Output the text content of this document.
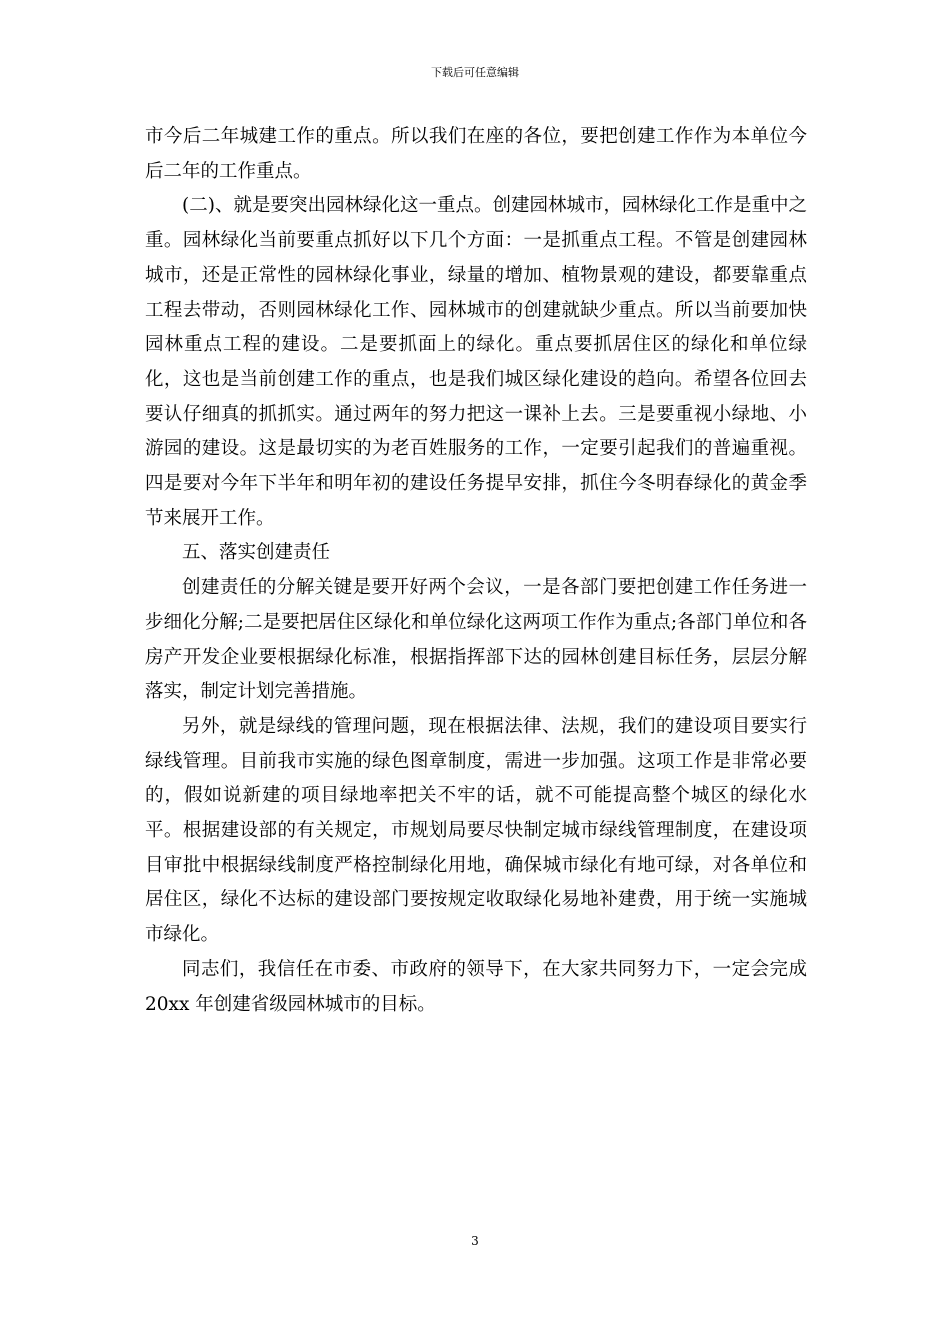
下载后可任意编辑

市今后二年城建工作的重点。所以我们在座的各位，要把创建工作作为本单位今后二年的工作重点。

(二)、就是要突出园林绿化这一重点。创建园林城市，园林绿化工作是重中之重。园林绿化当前要重点抓好以下几个方面：一是抓重点工程。不管是创建园林城市，还是正常性的园林绿化事业，绿量的增加、植物景观的建设，都要靠重点工程去带动，否则园林绿化工作、园林城市的创建就缺少重点。所以当前要加快园林重点工程的建设。二是要抓面上的绿化。重点要抓居住区的绿化和单位绿化，这也是当前创建工作的重点，也是我们城区绿化建设的趋向。希望各位回去要认仔细真的抓抓实。通过两年的努力把这一课补上去。三是要重视小绿地、小游园的建设。这是最切实的为老百姓服务的工作，一定要引起我们的普遍重视。四是要对今年下半年和明年初的建设任务提早安排，抓住今冬明春绿化的黄金季节来展开工作。

五、落实创建责任

创建责任的分解关键是要开好两个会议，一是各部门要把创建工作任务进一步细化分解;二是要把居住区绿化和单位绿化这两项工作作为重点;各部门单位和各房产开发企业要根据绿化标准，根据指挥部下达的园林创建目标任务，层层分解落实，制定计划完善措施。

另外，就是绿线的管理问题，现在根据法律、法规，我们的建设项目要实行绿线管理。目前我市实施的绿色图章制度，需进一步加强。这项工作是非常必要的，假如说新建的项目绿地率把关不牢的话，就不可能提高整个城区的绿化水平。根据建设部的有关规定，市规划局要尽快制定城市绿线管理制度，在建设项目审批中根据绿线制度严格控制绿化用地，确保城市绿化有地可绿，对各单位和居住区，绿化不达标的建设部门要按规定收取绿化易地补建费，用于统一实施城市绿化。

同志们，我信任在市委、市政府的领导下，在大家共同努力下，一定会完成 20xx 年创建省级园林城市的目标。

3
